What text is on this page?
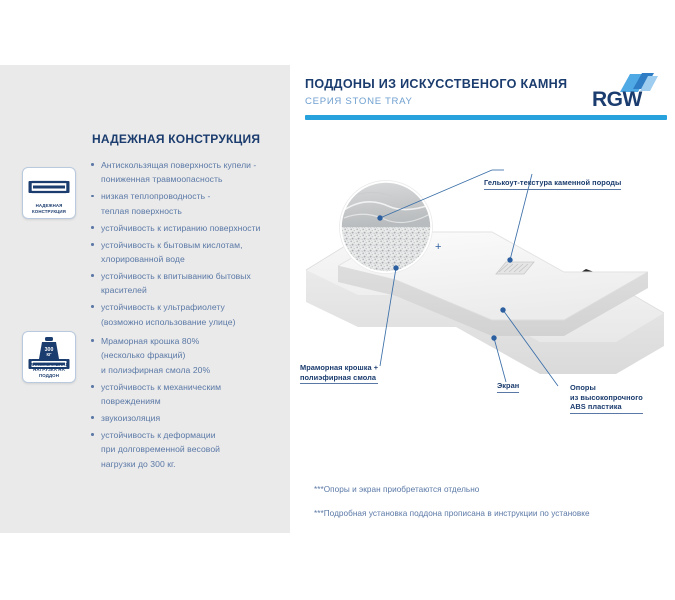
ПОДДОНЫ ИЗ ИСКУССТВЕНОГО КАМНЯ
СЕРИЯ STONE TRAY	RGW
НАДЕЖНАЯ КОНСТРУКЦИЯ
НАДЕЖНАЯ КОНСТРУКЦИЯ
300
КГ
МАКСИМАЛЬНАЯ НАГРУЗКА НА ПОДДОН
Антискользящая поверхность купели -
пониженная травмоопасность
низкая теплопроводность -
теплая поверхность
устойчивость к истиранию поверхности
устойчивость к бытовым кислотам,
хлорированной воде
устойчивость к впитыванию бытовых
красителей
устойчивость к ультрафиолету
(возможно использование улице)
Мраморная крошка 80%
(несколько фракций)
и полиэфирная смола 20%
устойчивость к механическим
повреждениям
звукоизоляция
устойчивость к деформации
при долговременной весовой
нагрузки до 300 кг.
+
Гелькоут-текстура каменной породы
Мраморная крошка +
полиэфирная смола
Экран	Опоры
из высокопрочного
ABS пластика
***Опоры и экран приобретаются отдельно
***Подробная установка поддона прописана в инструкции по установке
